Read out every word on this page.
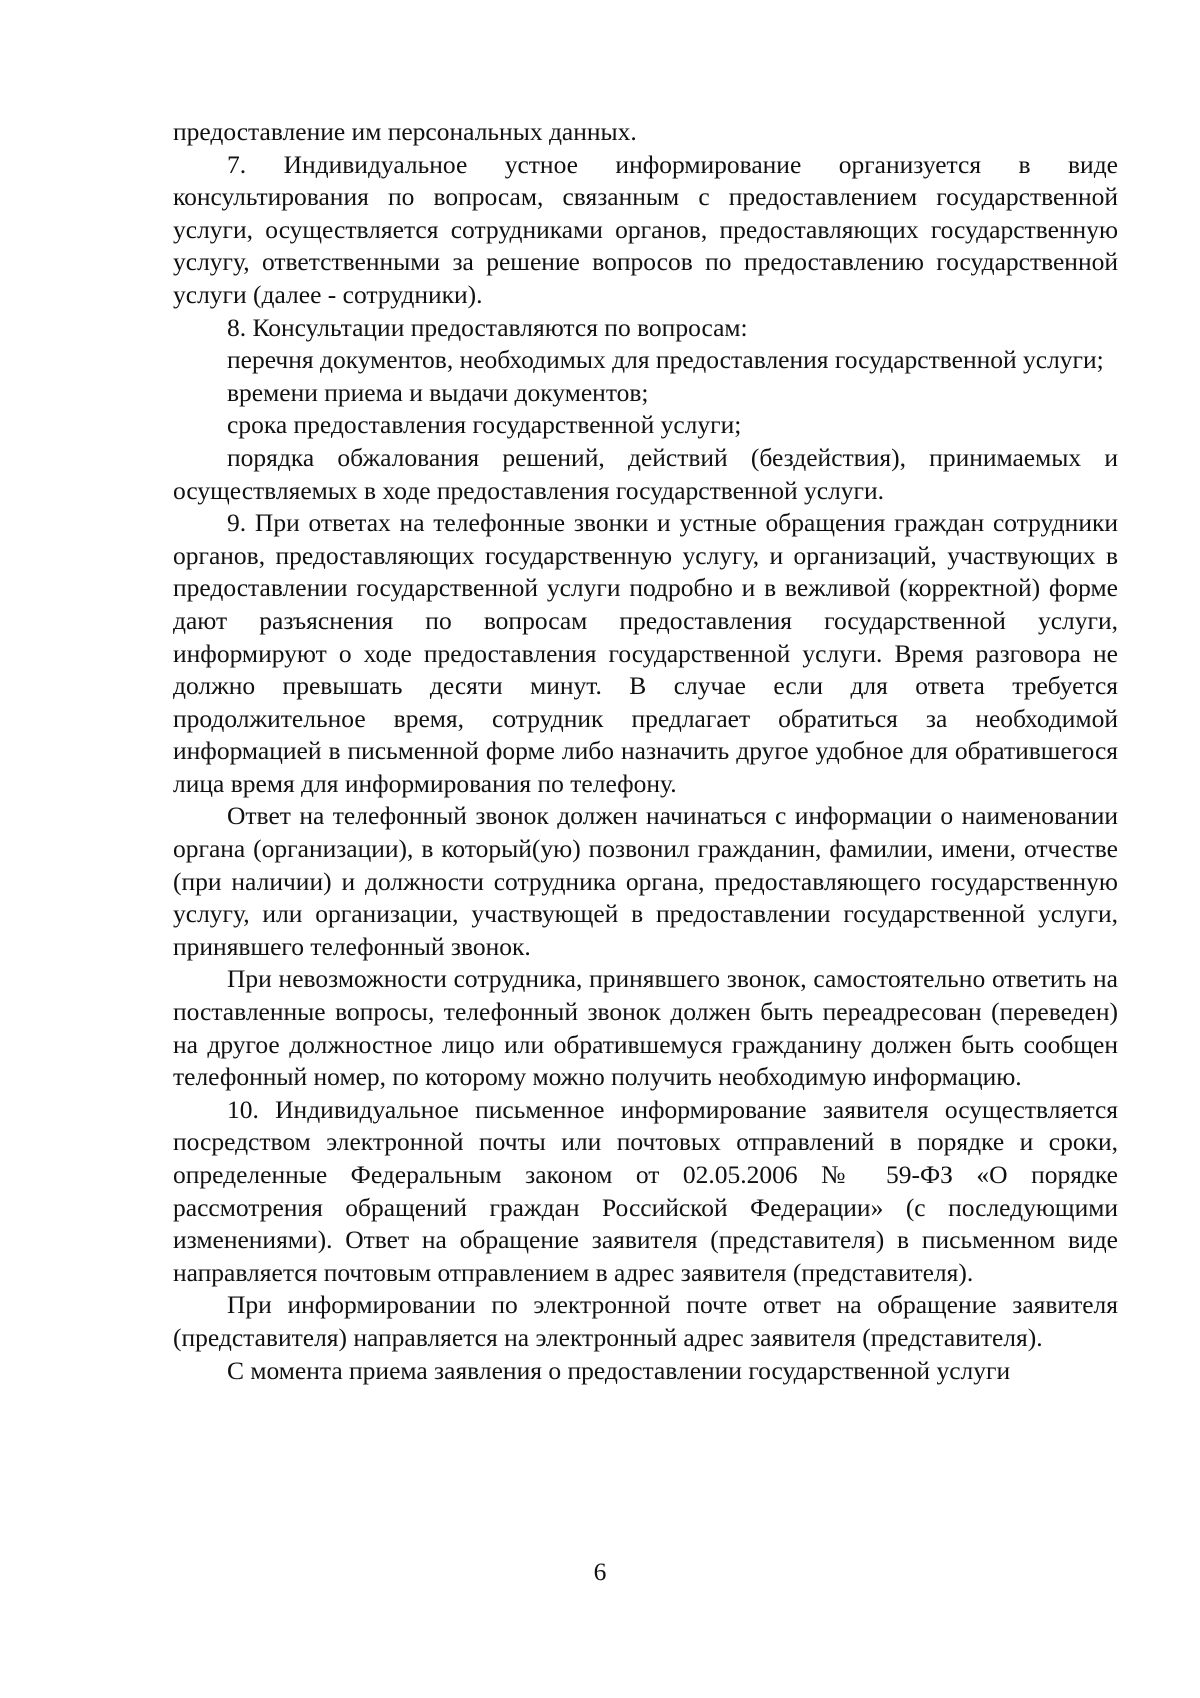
предоставление им персональных данных.

7. Индивидуальное устное информирование организуется в виде консультирования по вопросам, связанным с предоставлением государственной услуги, осуществляется сотрудниками органов, предоставляющих государственную услугу, ответственными за решение вопросов по предоставлению государственной услуги (далее - сотрудники).

8. Консультации предоставляются по вопросам:

перечня документов, необходимых для предоставления государственной услуги;

времени приема и выдачи документов;

срока предоставления государственной услуги;

порядка обжалования решений, действий (бездействия), принимаемых и осуществляемых в ходе предоставления государственной услуги.

9. При ответах на телефонные звонки и устные обращения граждан сотрудники органов, предоставляющих государственную услугу, и организаций, участвующих в предоставлении государственной услуги подробно и в вежливой (корректной) форме дают разъяснения по вопросам предоставления государственной услуги, информируют о ходе предоставления государственной услуги. Время разговора не должно превышать десяти минут. В случае если для ответа требуется продолжительное время, сотрудник предлагает обратиться за необходимой информацией в письменной форме либо назначить другое удобное для обратившегося лица время для информирования по телефону.

Ответ на телефонный звонок должен начинаться с информации о наименовании органа (организации), в который(ую) позвонил гражданин, фамилии, имени, отчестве (при наличии) и должности сотрудника органа, предоставляющего государственную услугу, или организации, участвующей в предоставлении государственной услуги, принявшего телефонный звонок.

При невозможности сотрудника, принявшего звонок, самостоятельно ответить на поставленные вопросы, телефонный звонок должен быть переадресован (переведен) на другое должностное лицо или обратившемуся гражданину должен быть сообщен телефонный номер, по которому можно получить необходимую информацию.

10. Индивидуальное письменное информирование заявителя осуществляется посредством электронной почты или почтовых отправлений в порядке и сроки, определенные Федеральным законом от 02.05.2006 № 59-ФЗ «О порядке рассмотрения обращений граждан Российской Федерации» (с последующими изменениями). Ответ на обращение заявителя (представителя) в письменном виде направляется почтовым отправлением в адрес заявителя (представителя).

При информировании по электронной почте ответ на обращение заявителя (представителя) направляется на электронный адрес заявителя (представителя).

С момента приема заявления о предоставлении государственной услуги

6
